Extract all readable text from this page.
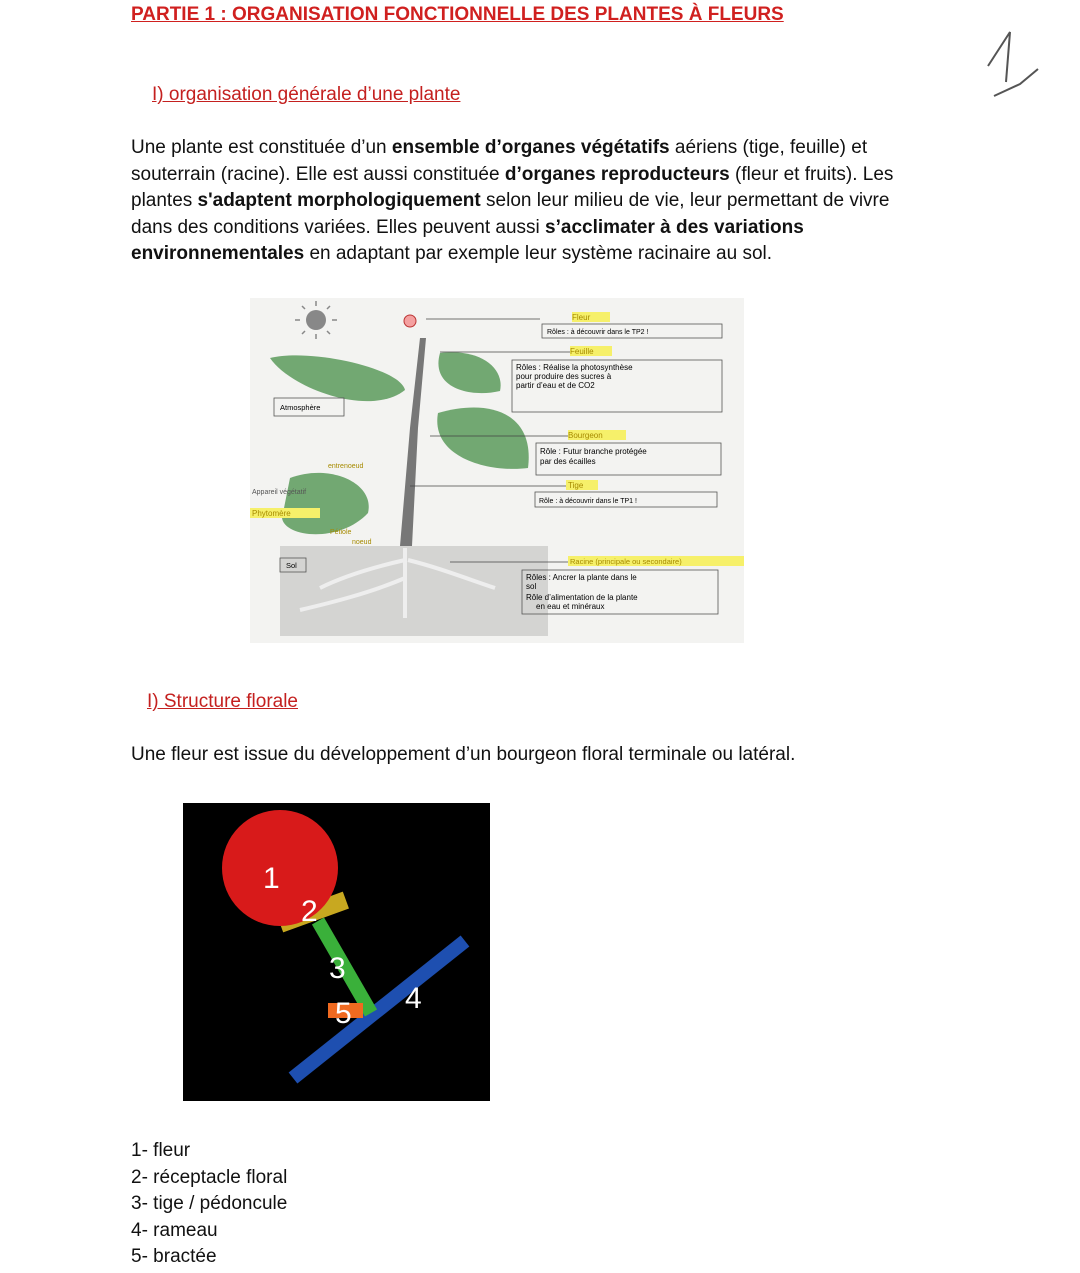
PARTIE 1 : ORGANISATION FONCTIONNELLE DES PLANTES À FLEURS
I) organisation générale d’une plante
Une plante est constituée d’un ensemble d’organes végétatifs aériens (tige, feuille) et souterrain (racine). Elle est aussi constituée d’organes reproducteurs (fleur et fruits). Les plantes s'adaptent morphologiquement selon leur milieu de vie, leur permettant de vivre dans des conditions variées. Elles peuvent aussi s’acclimater à des variations environnementales en adaptant par exemple leur système racinaire au sol.
Fleur
Rôles : à découvrir dans le TP2 !
Feuille
Rôles : Réalise la photosynthèse
pour produire des sucres à
partir d’eau et de CO2
Atmosphère
Bourgeon
Rôle : Futur branche protégée
par des écailles
entrenoeud
Tige
Rôle : à découvrir dans le TP1 !
Appareil végétatif
Phytomère
Pétiole
noeud
Sol	Racine (principale ou secondaire)
Rôles : Ancrer la plante dans le
sol
Rôle d’alimentation de la plante
en eau et minéraux
I) Structure florale
Une fleur est issue du développement d’un bourgeon floral terminale ou latéral.
1
2
3
4
5
1- fleur
2- réceptacle floral
3- tige / pédoncule
4- rameau
5- bractée
